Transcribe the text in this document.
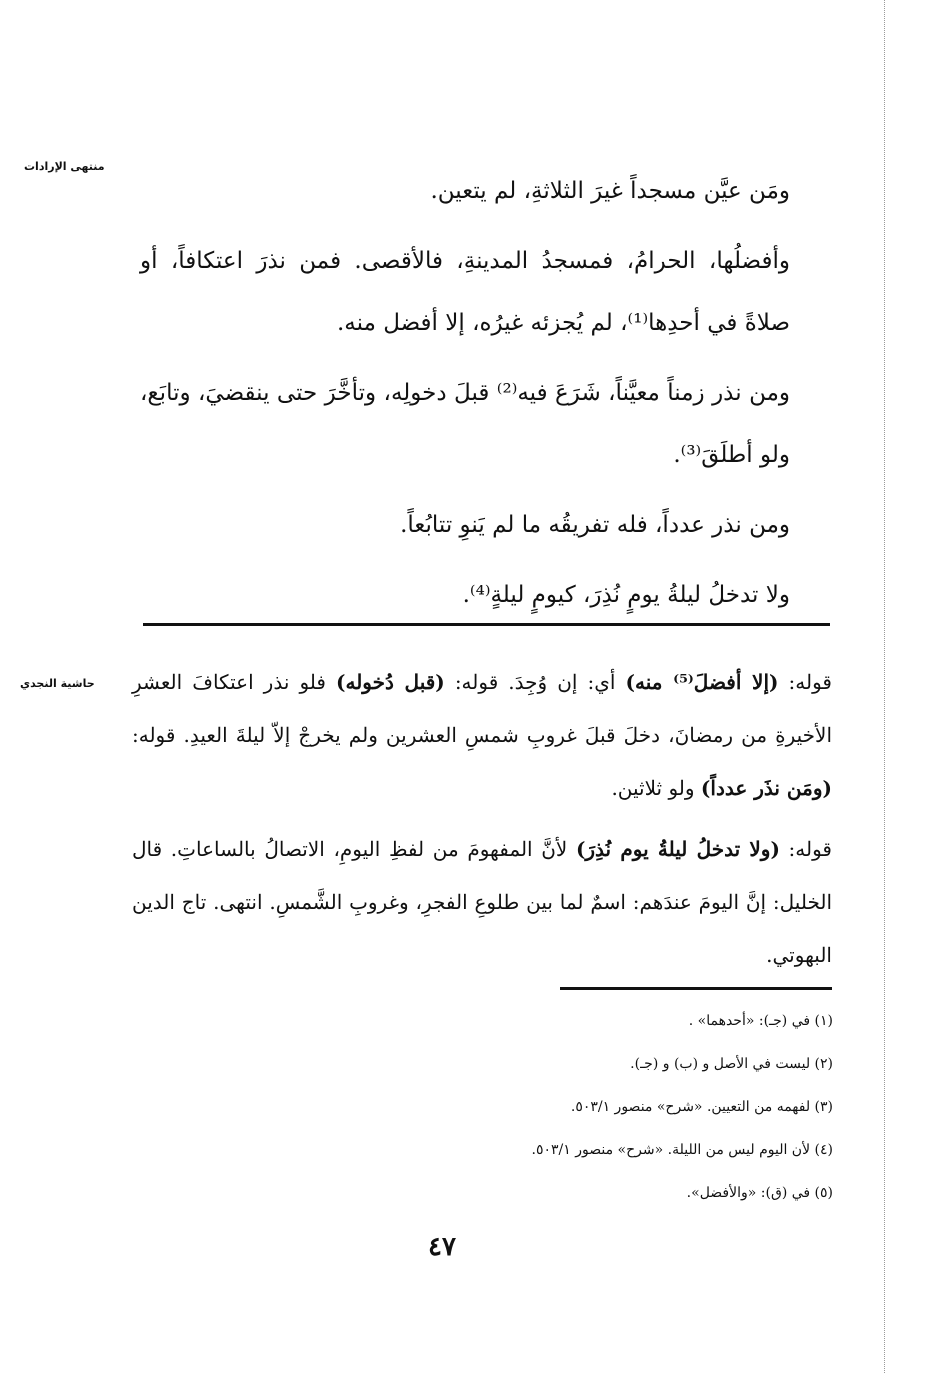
منتهى الإرادات
حاشية النجدي

ومَن عيَّن مسجداً غيرَ الثلاثةِ، لم يتعين.

وأفضلُها، الحرامُ، فمسجدُ المدينةِ، فالأقصى. فمن نذرَ اعتكافاً، أو صلاةً في أحدِها⁽¹⁾، لم يُجزئه غيرُه، إلا أفضل منه.

ومن نذر زمناً معيَّناً، شَرَعَ فيه⁽²⁾ قبلَ دخولِه، وتأخَّرَ حتى ينقضيَ، وتابَع، ولو أطلَقَ⁽³⁾.

ومن نذر عدداً، فله تفريقُه ما لم يَنوِ تتابُعاً.

ولا تدخلُ ليلةُ يومٍ نُذِرَ، كيومٍ ليلةٍ⁽⁴⁾.

قوله: (إلا أفضلَ⁽⁵⁾ منه) أي: إن وُجِدَ. قوله: (قبل دُخوله) فلو نذر اعتكافَ العشرِ الأخيرةِ من رمضانَ، دخلَ قبلَ غروبِ شمسِ العشرين ولم يخرجْ إلاّ ليلةَ العيدِ. قوله: (ومَن نذَر عدداً) ولو ثلاثين.

قوله: (ولا تدخلُ ليلةُ يوم نُذِرَ) لأنَّ المفهومَ من لفظِ اليومِ، الاتصالُ بالساعاتِ. قال الخليل: إنَّ اليومَ عندَهم: اسمٌ لما بين طلوعِ الفجرِ، وغروبِ الشَّمسِ. انتهى. تاج الدين البهوتي.

(١) في (جـ): «أحدهما» .
(٢) ليست في الأصل و (ب) و (جـ).
(٣) لفهمه من التعيين. «شرح» منصور ٥٠٣/١.
(٤) لأن اليوم ليس من الليلة. «شرح» منصور ٥٠٣/١.
(٥) في (ق): «والأفضل».
٤٧
